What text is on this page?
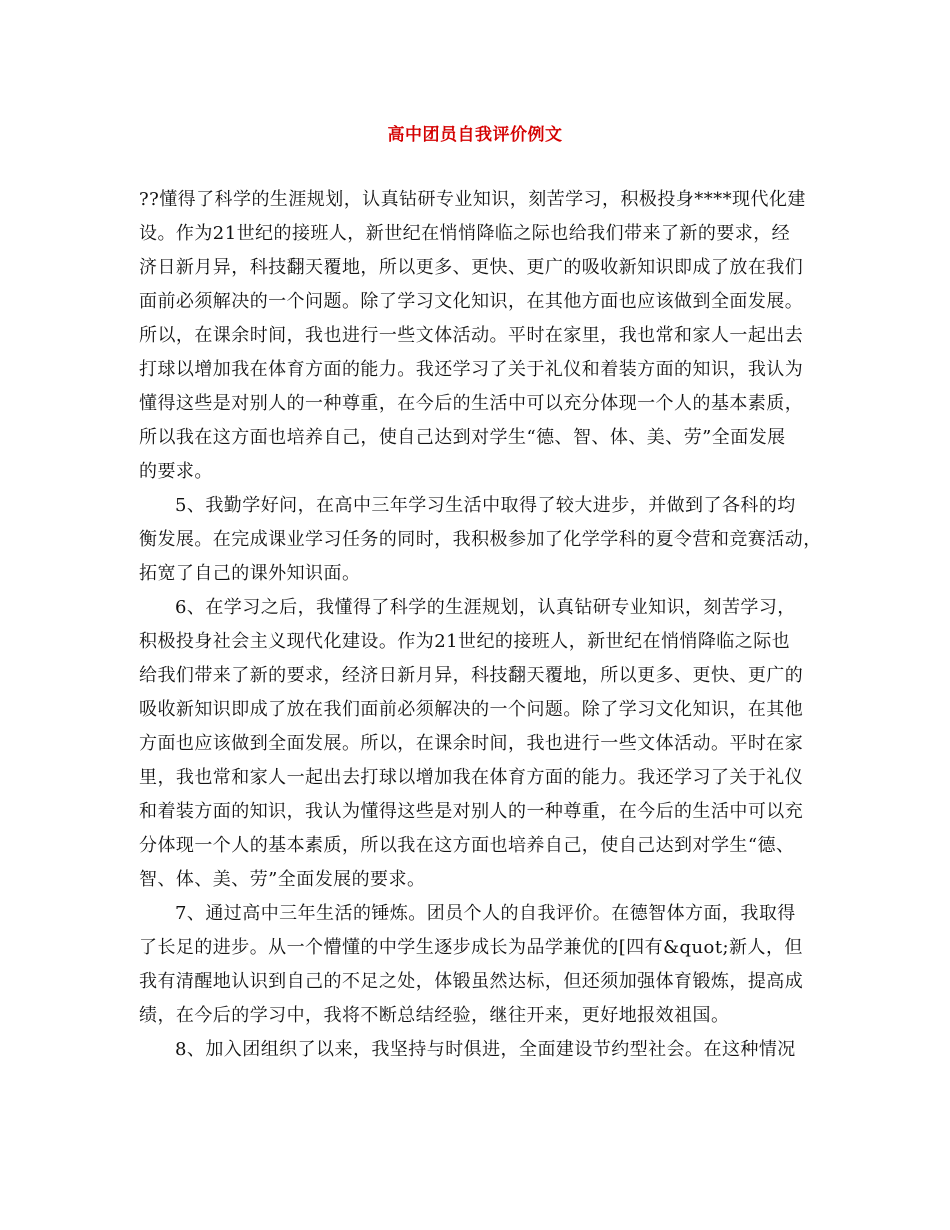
高中团员自我评价例文

??懂得了科学的生涯规划，认真钻研专业知识，刻苦学习，积极投身****现代化建
设。作为21世纪的接班人，新世纪在悄悄降临之际也给我们带来了新的要求，经
济日新月异，科技翻天覆地，所以更多、更快、更广的吸收新知识即成了放在我们
面前必须解决的一个问题。除了学习文化知识，在其他方面也应该做到全面发展。
所以，在课余时间，我也进行一些文体活动。平时在家里，我也常和家人一起出去
打球以增加我在体育方面的能力。我还学习了关于礼仪和着装方面的知识，我认为
懂得这些是对别人的一种尊重，在今后的生活中可以充分体现一个人的基本素质，
所以我在这方面也培养自己，使自己达到对学生“德、智、体、美、劳”全面发展
的要求。

5、我勤学好问，在高中三年学习生活中取得了较大进步，并做到了各科的均
衡发展。在完成课业学习任务的同时，我积极参加了化学学科的夏令营和竞赛活动，
拓宽了自己的课外知识面。

6、在学习之后，我懂得了科学的生涯规划，认真钻研专业知识，刻苦学习，
积极投身社会主义现代化建设。作为21世纪的接班人，新世纪在悄悄降临之际也
给我们带来了新的要求，经济日新月异，科技翻天覆地，所以更多、更快、更广的
吸收新知识即成了放在我们面前必须解决的一个问题。除了学习文化知识，在其他
方面也应该做到全面发展。所以，在课余时间，我也进行一些文体活动。平时在家
里，我也常和家人一起出去打球以增加我在体育方面的能力。我还学习了关于礼仪
和着装方面的知识，我认为懂得这些是对别人的一种尊重，在今后的生活中可以充
分体现一个人的基本素质，所以我在这方面也培养自己，使自己达到对学生“德、
智、体、美、劳”全面发展的要求。

7、通过高中三年生活的锤炼。团员个人的自我评价。在德智体方面，我取得
了长足的进步。从一个懵懂的中学生逐步成长为品学兼优的[四有&quot;新人，但
我有清醒地认识到自己的不足之处，体锻虽然达标，但还须加强体育锻炼，提高成
绩，在今后的学习中，我将不断总结经验，继往开来，更好地报效祖国。

8、加入团组织了以来，我坚持与时俱进，全面建设节约型社会。在这种情况
